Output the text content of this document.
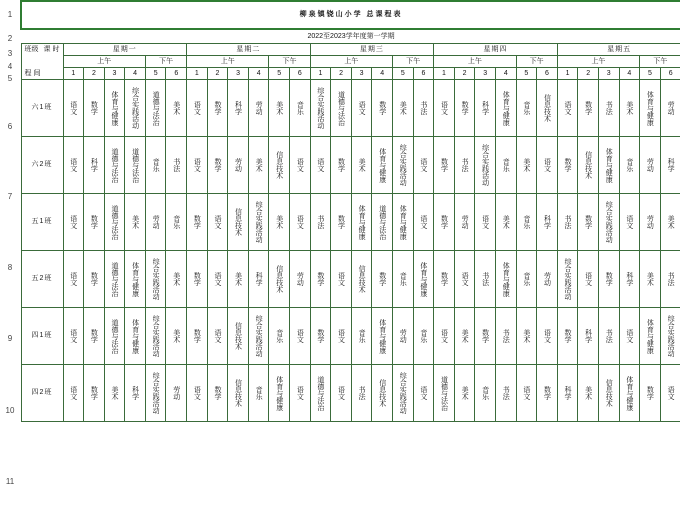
1
2
3
4
5
6
7
8
9
10
11
柳泉镇铙山小学 总课程表																														
2022至2023学年度第一学期																														

班级 课 时
程 间	星期一						星期二						星期三						星期四						星期五					
	上午				下午		上午				下午		上午				下午		上午				下午		上午				下午	
	1	2	3	4	5	6	1	2	3	4	5	6	1	2	3	4	5	6	1	2	3	4	5	6	1	2	3	4	5	6
六1班	语文	数学	体育与健康	综合实践活动	道德与法治	美术	语文	数学	科学	劳动	美术	音乐	综合实践活动	道德与法治	语文	数学	美术	书法	语文	数学	科学	体育与健康	音乐	信息技术	语文	数学	书法	美术	体育与健康	劳动

六2班	语文	科学	道德与法治	道德与法治	音乐	书法	语文	数学	劳动	美术	信息技术	语文	语文	数学	美术	体育与健康	综合实践活动	语文	数学	书法	综合实践活动	音乐	美术	语文	数学	信息技术	体育与健康	音乐	劳动	科学

五1班	语文	数学	道德与法治	美术	劳动	音乐	数学	语文	信息技术	综合实践活动	美术	语文	书法	数学	体育与健康	道德与法治	体育与健康	语文	数学	劳动	语文	美术	音乐	科学	书法	数学	综合实践活动	语文	劳动	美术

五2班	语文	数学	道德与法治	体育与健康	综合实践活动	美术	数学	语文	美术	科学	信息技术	劳动	数学	语文	信息技术	数学	音乐	体育与健康	数学	语文	书法	体育与健康	音乐	劳动	综合实践活动	语文	数学	科学	美术	书法

四1班	语文	数学	道德与法治	体育与健康	综合实践活动	美术	数学	语文	信息技术	综合实践活动	音乐	语文	数学	语文	音乐	体育与健康	劳动	音乐	语文	美术	数学	书法	美术	语文	数学	科学	书法	语文	体育与健康	综合实践活动

四2班	语文	数学	美术	科学	综合实践活动	劳动	语文	数学	信息技术	音乐	体育与健康	语文	道德与法治	语文	书法	信息技术	综合实践活动	语文	道德与法治	美术	音乐	书法	语文	数学	科学	美术	信息技术	体育与健康	数学	语文
